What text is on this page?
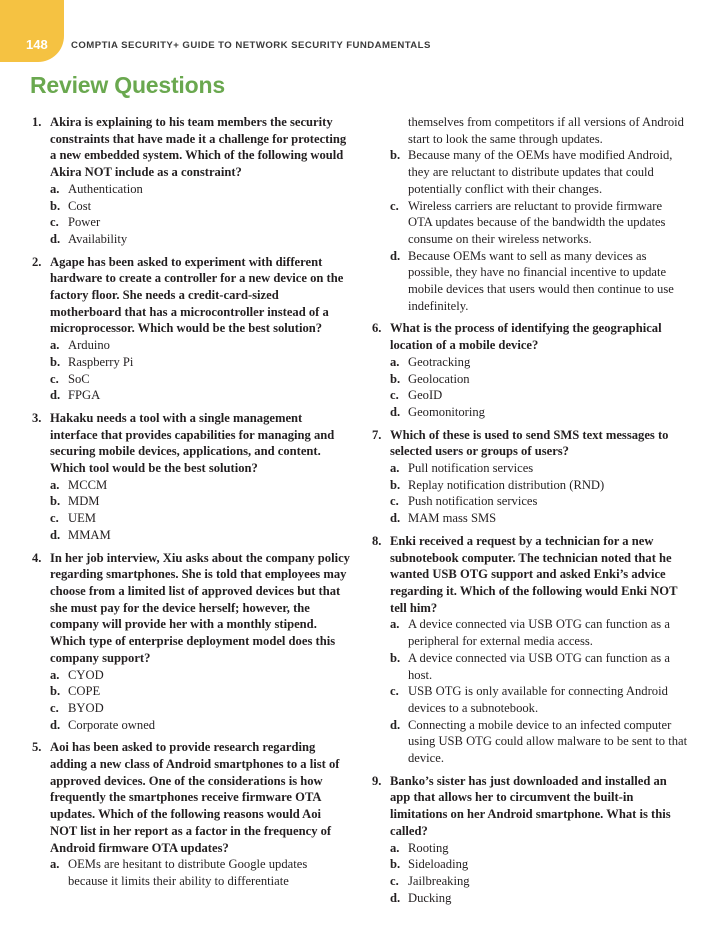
148 COMPTIA SECURITY+ GUIDE TO NETWORK SECURITY FUNDAMENTALS
Review Questions
1. Akira is explaining to his team members the security constraints that have made it a challenge for protecting a new embedded system. Which of the following would Akira NOT include as a constraint?
a. Authentication
b. Cost
c. Power
d. Availability
2. Agape has been asked to experiment with different hardware to create a controller for a new device on the factory floor. She needs a credit-card-sized motherboard that has a microcontroller instead of a microprocessor. Which would be the best solution?
a. Arduino
b. Raspberry Pi
c. SoC
d. FPGA
3. Hakaku needs a tool with a single management interface that provides capabilities for managing and securing mobile devices, applications, and content. Which tool would be the best solution?
a. MCCM
b. MDM
c. UEM
d. MMAM
4. In her job interview, Xiu asks about the company policy regarding smartphones. She is told that employees may choose from a limited list of approved devices but that she must pay for the device herself; however, the company will provide her with a monthly stipend. Which type of enterprise deployment model does this company support?
a. CYOD
b. COPE
c. BYOD
d. Corporate owned
5. Aoi has been asked to provide research regarding adding a new class of Android smartphones to a list of approved devices. One of the considerations is how frequently the smartphones receive firmware OTA updates. Which of the following reasons would Aoi NOT list in her report as a factor in the frequency of Android firmware OTA updates?
a. OEMs are hesitant to distribute Google updates because it limits their ability to differentiate
themselves from competitors if all versions of Android start to look the same through updates.
b. Because many of the OEMs have modified Android, they are reluctant to distribute updates that could potentially conflict with their changes.
c. Wireless carriers are reluctant to provide firmware OTA updates because of the bandwidth the updates consume on their wireless networks.
d. Because OEMs want to sell as many devices as possible, they have no financial incentive to update mobile devices that users would then continue to use indefinitely.
6. What is the process of identifying the geographical location of a mobile device?
a. Geotracking
b. Geolocation
c. GeoID
d. Geomonitoring
7. Which of these is used to send SMS text messages to selected users or groups of users?
a. Pull notification services
b. Replay notification distribution (RND)
c. Push notification services
d. MAM mass SMS
8. Enki received a request by a technician for a new subnotebook computer. The technician noted that he wanted USB OTG support and asked Enki’s advice regarding it. Which of the following would Enki NOT tell him?
a. A device connected via USB OTG can function as a peripheral for external media access.
b. A device connected via USB OTG can function as a host.
c. USB OTG is only available for connecting Android devices to a subnotebook.
d. Connecting a mobile device to an infected computer using USB OTG could allow malware to be sent to that device.
9. Banko’s sister has just downloaded and installed an app that allows her to circumvent the built-in limitations on her Android smartphone. What is this called?
a. Rooting
b. Sideloading
c. Jailbreaking
d. Ducking
